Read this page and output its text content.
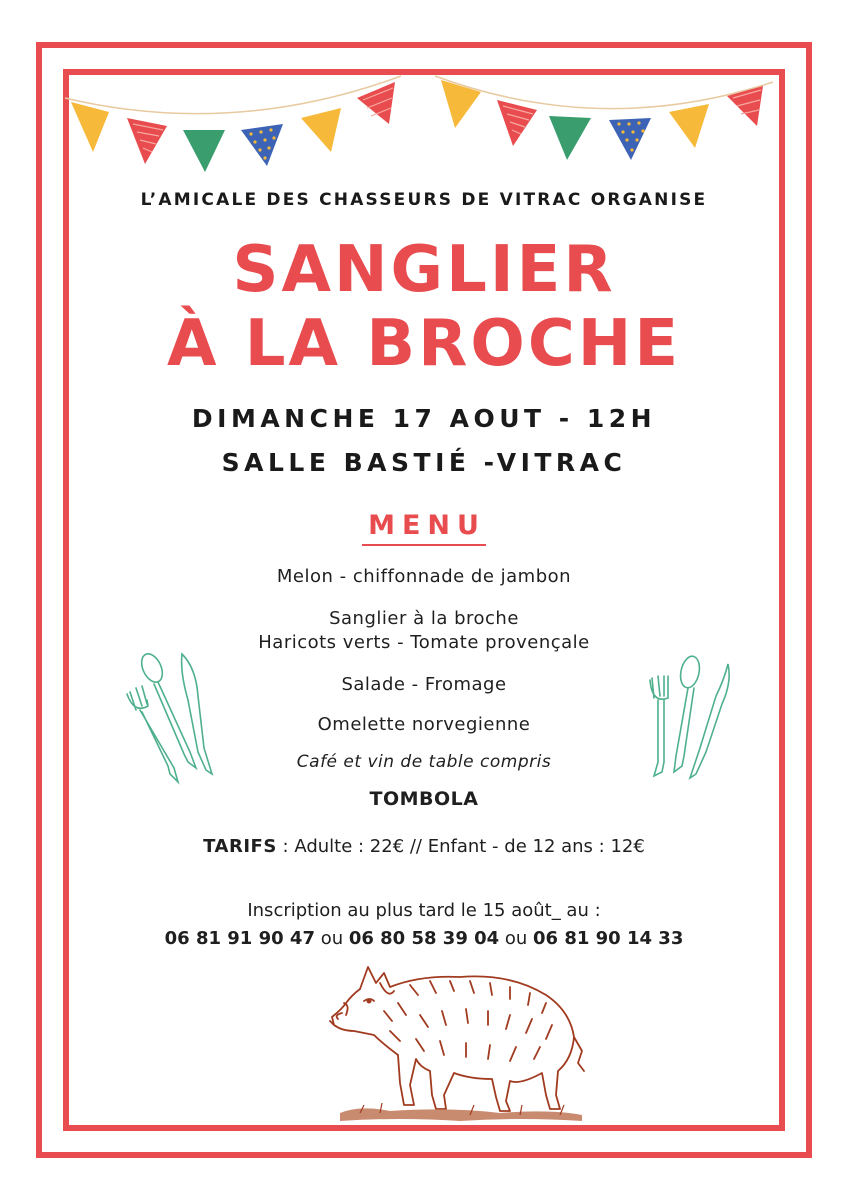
L’AMICALE DES CHASSEURS DE VITRAC ORGANISE
SANGLIER
À LA BROCHE
DIMANCHE 17 AOUT - 12H
SALLE BASTIÉ -VITRAC
MENU
Melon - chiffonnade de jambon
Sanglier à la broche
Haricots verts - Tomate provençale
Salade - Fromage
Omelette norvegienne
Café et vin de table compris
TOMBOLA
TARIFS : Adulte : 22€ // Enfant - de 12 ans : 12€
Inscription au plus tard le 15 août_ au :
06 81 91 90 47 ou 06 80 58 39 04 ou 06 81 90 14 33
